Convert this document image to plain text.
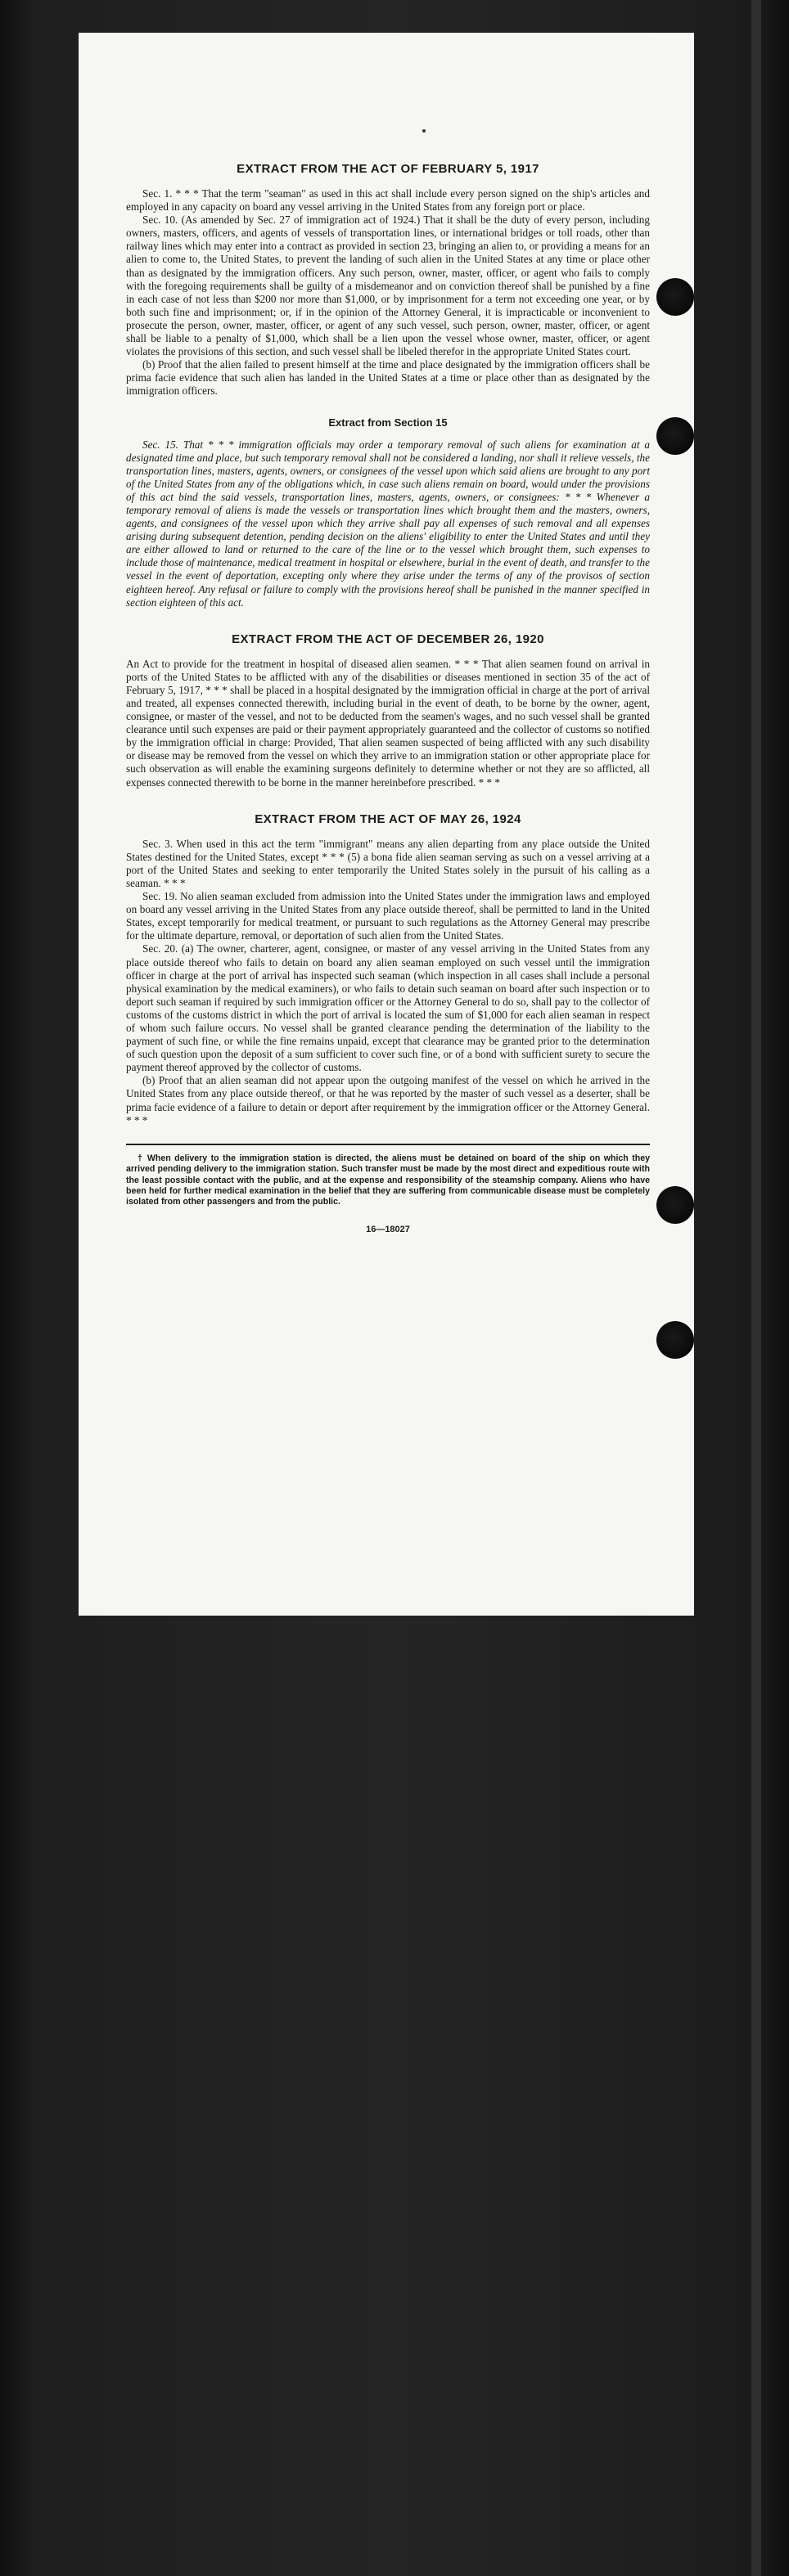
EXTRACT FROM THE ACT OF FEBRUARY 5, 1917

Sec. 1. * * * That the term "seaman" as used in this act shall include every person signed on the ship's articles and employed in any capacity on board any vessel arriving in the United States from any foreign port or place.

Sec. 10. (As amended by Sec. 27 of immigration act of 1924.) That it shall be the duty of every person, including owners, masters, officers, and agents of vessels of transportation lines, or international bridges or toll roads, other than railway lines which may enter into a contract as provided in section 23, bringing an alien to, or providing a means for an alien to come to, the United States, to prevent the landing of such alien in the United States at any time or place other than as designated by the immigration officers. Any such person, owner, master, officer, or agent who fails to comply with the foregoing requirements shall be guilty of a misdemeanor and on conviction thereof shall be punished by a fine in each case of not less than $200 nor more than $1,000, or by imprisonment for a term not exceeding one year, or by both such fine and imprisonment; or, if in the opinion of the Attorney General, it is impracticable or inconvenient to prosecute the person, owner, master, officer, or agent of any such vessel, such person, owner, master, officer, or agent shall be liable to a penalty of $1,000, which shall be a lien upon the vessel whose owner, master, officer, or agent violates the provisions of this section, and such vessel shall be libeled therefor in the appropriate United States court.

(b) Proof that the alien failed to present himself at the time and place designated by the immigration officers shall be prima facie evidence that such alien has landed in the United States at a time or place other than as designated by the immigration officers.

Extract from Section 15

Sec. 15. That * * * immigration officials may order a temporary removal of such aliens for examination at a designated time and place, but such temporary removal shall not be considered a landing, nor shall it relieve vessels, the transportation lines, masters, agents, owners, or consignees of the vessel upon which said aliens are brought to any port of the United States from any of the obligations which, in case such aliens remain on board, would under the provisions of this act bind the said vessels, transportation lines, masters, agents, owners, or consignees: * * * Whenever a temporary removal of aliens is made the vessels or transportation lines which brought them and the masters, owners, agents, and consignees of the vessel upon which they arrive shall pay all expenses of such removal and all expenses arising during subsequent detention, pending decision on the aliens' eligibility to enter the United States and until they are either allowed to land or returned to the care of the line or to the vessel which brought them, such expenses to include those of maintenance, medical treatment in hospital or elsewhere, burial in the event of death, and transfer to the vessel in the event of deportation, excepting only where they arise under the terms of any of the provisos of section eighteen hereof. Any refusal or failure to comply with the provisions hereof shall be punished in the manner specified in section eighteen of this act.

EXTRACT FROM THE ACT OF DECEMBER 26, 1920

An Act to provide for the treatment in hospital of diseased alien seamen. * * * That alien seamen found on arrival in ports of the United States to be afflicted with any of the disabilities or diseases mentioned in section 35 of the act of February 5, 1917, * * * shall be placed in a hospital designated by the immigration official in charge at the port of arrival and treated, all expenses connected therewith, including burial in the event of death, to be borne by the owner, agent, consignee, or master of the vessel, and not to be deducted from the seamen's wages, and no such vessel shall be granted clearance until such expenses are paid or their payment appropriately guaranteed and the collector of customs so notified by the immigration official in charge: Provided, That alien seamen suspected of being afflicted with any such disability or disease may be removed from the vessel on which they arrive to an immigration station or other appropriate place for such observation as will enable the examining surgeons definitely to determine whether or not they are so afflicted, all expenses connected therewith to be borne in the manner hereinbefore prescribed. * * *

EXTRACT FROM THE ACT OF MAY 26, 1924

Sec. 3. When used in this act the term "immigrant" means any alien departing from any place outside the United States destined for the United States, except * * * (5) a bona fide alien seaman serving as such on a vessel arriving at a port of the United States and seeking to enter temporarily the United States solely in the pursuit of his calling as a seaman. * * *

Sec. 19. No alien seaman excluded from admission into the United States under the immigration laws and employed on board any vessel arriving in the United States from any place outside thereof, shall be permitted to land in the United States, except temporarily for medical treatment, or pursuant to such regulations as the Attorney General may prescribe for the ultimate departure, removal, or deportation of such alien from the United States.

Sec. 20. (a) The owner, charterer, agent, consignee, or master of any vessel arriving in the United States from any place outside thereof who fails to detain on board any alien seaman employed on such vessel until the immigration officer in charge at the port of arrival has inspected such seaman (which inspection in all cases shall include a personal physical examination by the medical examiners), or who fails to detain such seaman on board after such inspection or to deport such seaman if required by such immigration officer or the Attorney General to do so, shall pay to the collector of customs of the customs district in which the port of arrival is located the sum of $1,000 for each alien seaman in respect of whom such failure occurs. No vessel shall be granted clearance pending the determination of the liability to the payment of such fine, or while the fine remains unpaid, except that clearance may be granted prior to the determination of such question upon the deposit of a sum sufficient to cover such fine, or of a bond with sufficient surety to secure the payment thereof approved by the collector of customs.

(b) Proof that an alien seaman did not appear upon the outgoing manifest of the vessel on which he arrived in the United States from any place outside thereof, or that he was reported by the master of such vessel as a deserter, shall be prima facie evidence of a failure to detain or deport after requirement by the immigration officer or the Attorney General. * * *

† When delivery to the immigration station is directed, the aliens must be detained on board of the ship on which they arrived pending delivery to the immigration station. Such transfer must be made by the most direct and expeditious route with the least possible contact with the public, and at the expense and responsibility of the steamship company. Aliens who have been held for further medical examination in the belief that they are suffering from communicable disease must be completely isolated from other passengers and from the public.

16—18027
